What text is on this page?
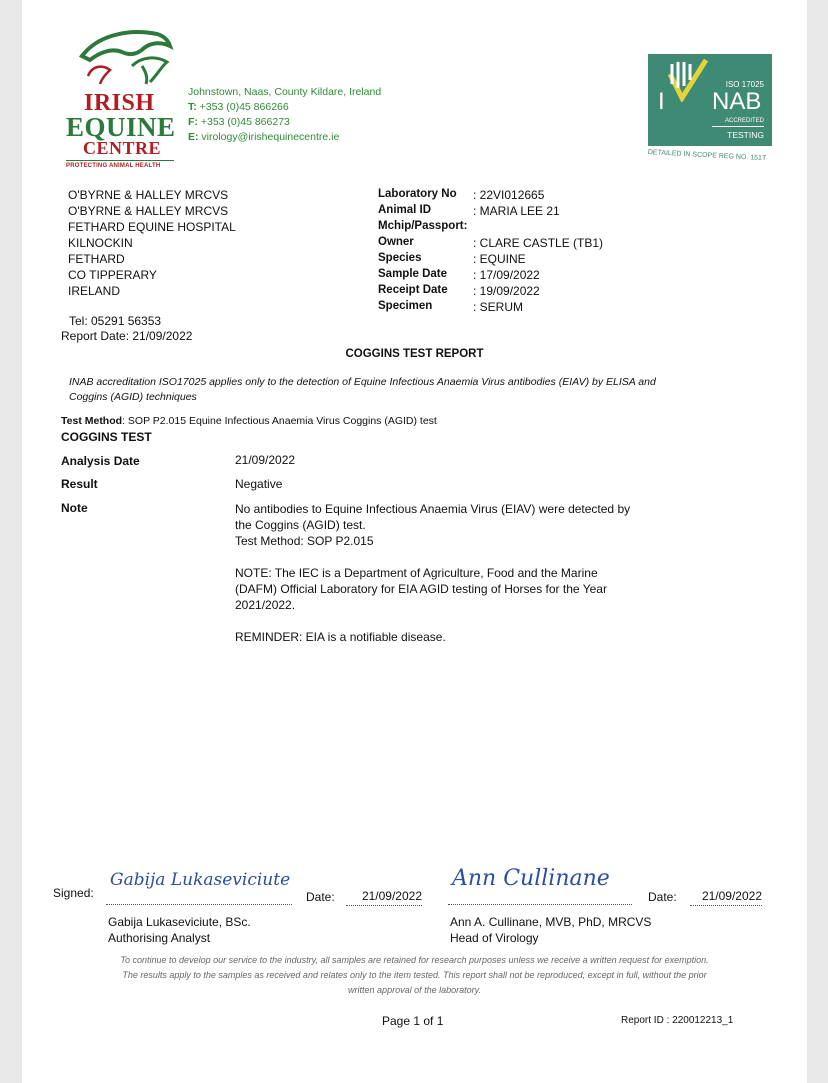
IRISH
EQUINE
CENTRE
PROTECTING ANIMAL HEALTH
Johnstown, Naas, County Kildare, Ireland
T: +353 (0)45 866266
F: +353 (0)45 866273
E: virology@irishequinecentre.ie
ISO 17025
I NAB
ACCREDITED
TESTING
DETAILED IN SCOPE REG NO. 151T
O'BYRNE & HALLEY MRCVS
O'BYRNE & HALLEY MRCVS
FETHARD EQUINE HOSPITAL
KILNOCKIN
FETHARD
CO TIPPERARY
IRELAND
Tel: 05291 56353
Report Date: 21/09/2022
Laboratory No	: 22VI012665
Animal ID	: MARIA LEE 21
Mchip/Passport:
Owner	: CLARE CASTLE (TB1)
Species	: EQUINE
Sample Date	: 17/09/2022
Receipt Date	: 19/09/2022
Specimen	: SERUM
COGGINS TEST REPORT
INAB accreditation ISO17025 applies only to the detection of Equine Infectious Anaemia Virus antibodies (EIAV) by ELISA and
Coggins (AGID) techniques
Test Method: SOP P2.015 Equine Infectious Anaemia Virus Coggins (AGID) test
COGGINS TEST
Analysis Date	21/09/2022
Result	Negative
Note	No antibodies to Equine Infectious Anaemia Virus (EIAV) were detected by
the Coggins (AGID) test.
Test Method: SOP P2.015
NOTE: The IEC is a Department of Agriculture, Food and the Marine
(DAFM) Official Laboratory for EIA AGID testing of Horses for the Year
2021/2022.
REMINDER: EIA is a notifiable disease.
Signed:
Gabija Lukaseviciute
Date:	21/09/2022
Gabija Lukaseviciute, BSc.
Authorising Analyst
Ann Cullinane
Date:	21/09/2022
Ann A. Cullinane, MVB, PhD, MRCVS
Head of Virology
To continue to develop our service to the industry, all samples are retained for research purposes unless we receive a written request for exemption.
The results apply to the samples as received and relates only to the item tested. This report shall not be reproduced, except in full, without the prior
written approval of the laboratory.
Page 1 of 1	Report ID : 220012213_1
